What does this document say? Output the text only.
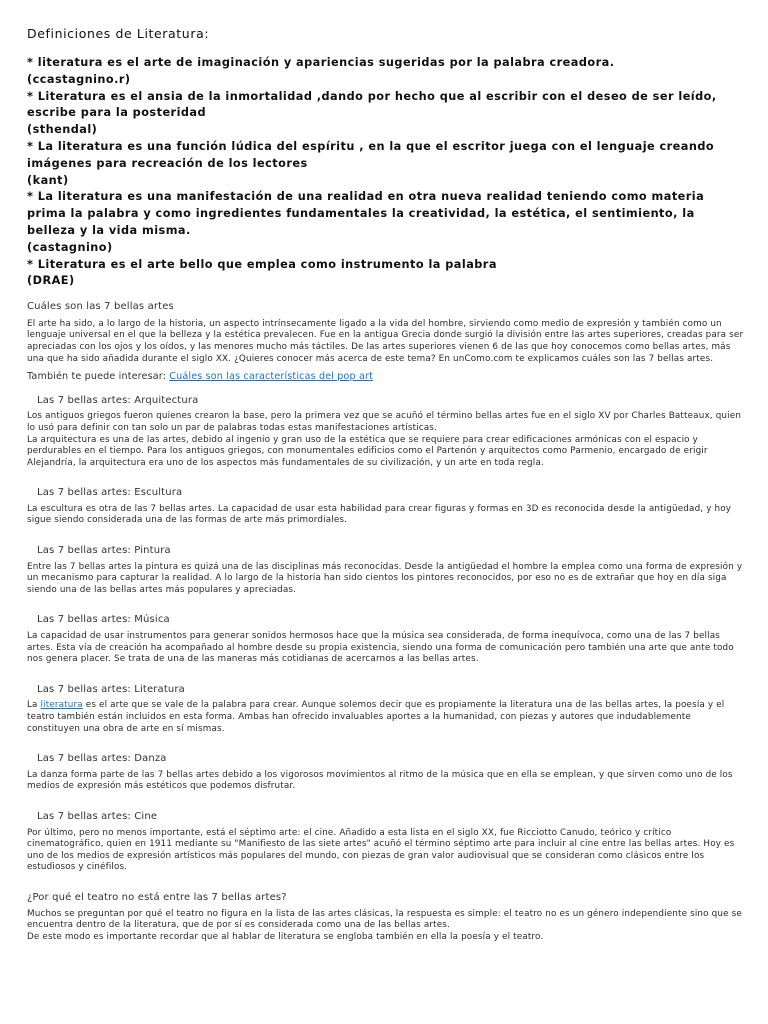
Definiciones de Literatura:

* literatura es el arte de imaginación y apariencias sugeridas por la palabra creadora.

(ccastagnino.r)

* Literatura es el ansia de la inmortalidad ,dando por hecho que al escribir con el deseo de ser leído, escribe para la posteridad

(sthendal)

* La literatura es una función lúdica del espíritu , en la que el escritor juega con el lenguaje creando imágenes para recreación de los lectores

(kant)

* La literatura es una manifestación de una realidad en otra nueva realidad teniendo como materia prima la palabra y como ingredientes fundamentales la creatividad, la estética, el sentimiento, la belleza y la vida misma.

(castagnino)

* Literatura es el arte bello que emplea como instrumento la palabra

(DRAE)

Cuáles son las 7 bellas artes

El arte ha sido, a lo largo de la historia, un aspecto intrínsecamente ligado a la vida del hombre, sirviendo como medio de expresión y también como un lenguaje universal en el que la belleza y la estética prevalecen. Fue en la antigua Grecia donde surgió la división entre las artes superiores, creadas para ser apreciadas con los ojos y los oídos, y las menores mucho más táctiles. De las artes superiores vienen 6 de las que hoy conocemos como bellas artes, más una que ha sido añadida durante el siglo XX. ¿Quieres conocer más acerca de este tema? En unComo.com te explicamos cuáles son las 7 bellas artes.

También te puede interesar: Cuáles son las características del pop art
Las 7 bellas artes: Arquitectura

Los antiguos griegos fueron quienes crearon la base, pero la primera vez que se acuñó el término bellas artes fue en el siglo XV por Charles Batteaux, quien lo usó para definir con tan solo un par de palabras todas estas manifestaciones artísticas.

La arquitectura es una de las artes, debido al ingenio y gran uso de la estética que se requiere para crear edificaciones armónicas con el espacio y perdurables en el tiempo. Para los antiguos griegos, con monumentales edificios como el Partenón y arquitectos como Parmenio, encargado de erigir Alejandría, la arquitectura era uno de los aspectos más fundamentales de su civilización, y un arte en toda regla.

Las 7 bellas artes: Escultura

La escultura es otra de las 7 bellas artes. La capacidad de usar esta habilidad para crear figuras y formas en 3D es reconocida desde la antigüedad, y hoy sigue siendo considerada una de las formas de arte más primordiales.

Las 7 bellas artes: Pintura

Entre las 7 bellas artes la pintura es quizá una de las disciplinas más reconocidas. Desde la antigüedad el hombre la emplea como una forma de expresión y un mecanismo para capturar la realidad. A lo largo de la historia han sido cientos los pintores reconocidos, por eso no es de extrañar que hoy en día siga siendo una de las bellas artes más populares y apreciadas.

Las 7 bellas artes: Música

La capacidad de usar instrumentos para generar sonidos hermosos hace que la música sea considerada, de forma inequívoca, como una de las 7 bellas artes. Esta vía de creación ha acompañado al hombre desde su propia existencia, siendo una forma de comunicación pero también una arte que ante todo nos genera placer. Se trata de una de las maneras más cotidianas de acercarnos a las bellas artes.

Las 7 bellas artes: Literatura

La literatura es el arte que se vale de la palabra para crear. Aunque solemos decir que es propiamente la literatura una de las bellas artes, la poesía y el teatro también están incluidos en esta forma. Ambas han ofrecido invaluables aportes a la humanidad, con piezas y autores que indudablemente constituyen una obra de arte en sí mismas.

Las 7 bellas artes: Danza

La danza forma parte de las 7 bellas artes debido a los vigorosos movimientos al ritmo de la música que en ella se emplean, y que sirven como uno de los medios de expresión más estéticos que podemos disfrutar.

Las 7 bellas artes: Cine

Por último, pero no menos importante, está el séptimo arte: el cine. Añadido a esta lista en el siglo XX, fue Ricciotto Canudo, teórico y crítico cinematográfico, quien en 1911 mediante su "Manifiesto de las siete artes" acuñó el término séptimo arte para incluir al cine entre las bellas artes. Hoy es uno de los medios de expresión artísticos más populares del mundo, con piezas de gran valor audiovisual que se consideran como clásicos entre los estudiosos y cinéfilos.

¿Por qué el teatro no está entre las 7 bellas artes?

Muchos se preguntan por qué el teatro no figura en la lista de las artes clásicas, la respuesta es simple: el teatro no es un género independiente sino que se encuentra dentro de la literatura, que de por sí es considerada como una de las bellas artes.

De este modo es importante recordar que al hablar de literatura se engloba también en ella la poesía y el teatro.
